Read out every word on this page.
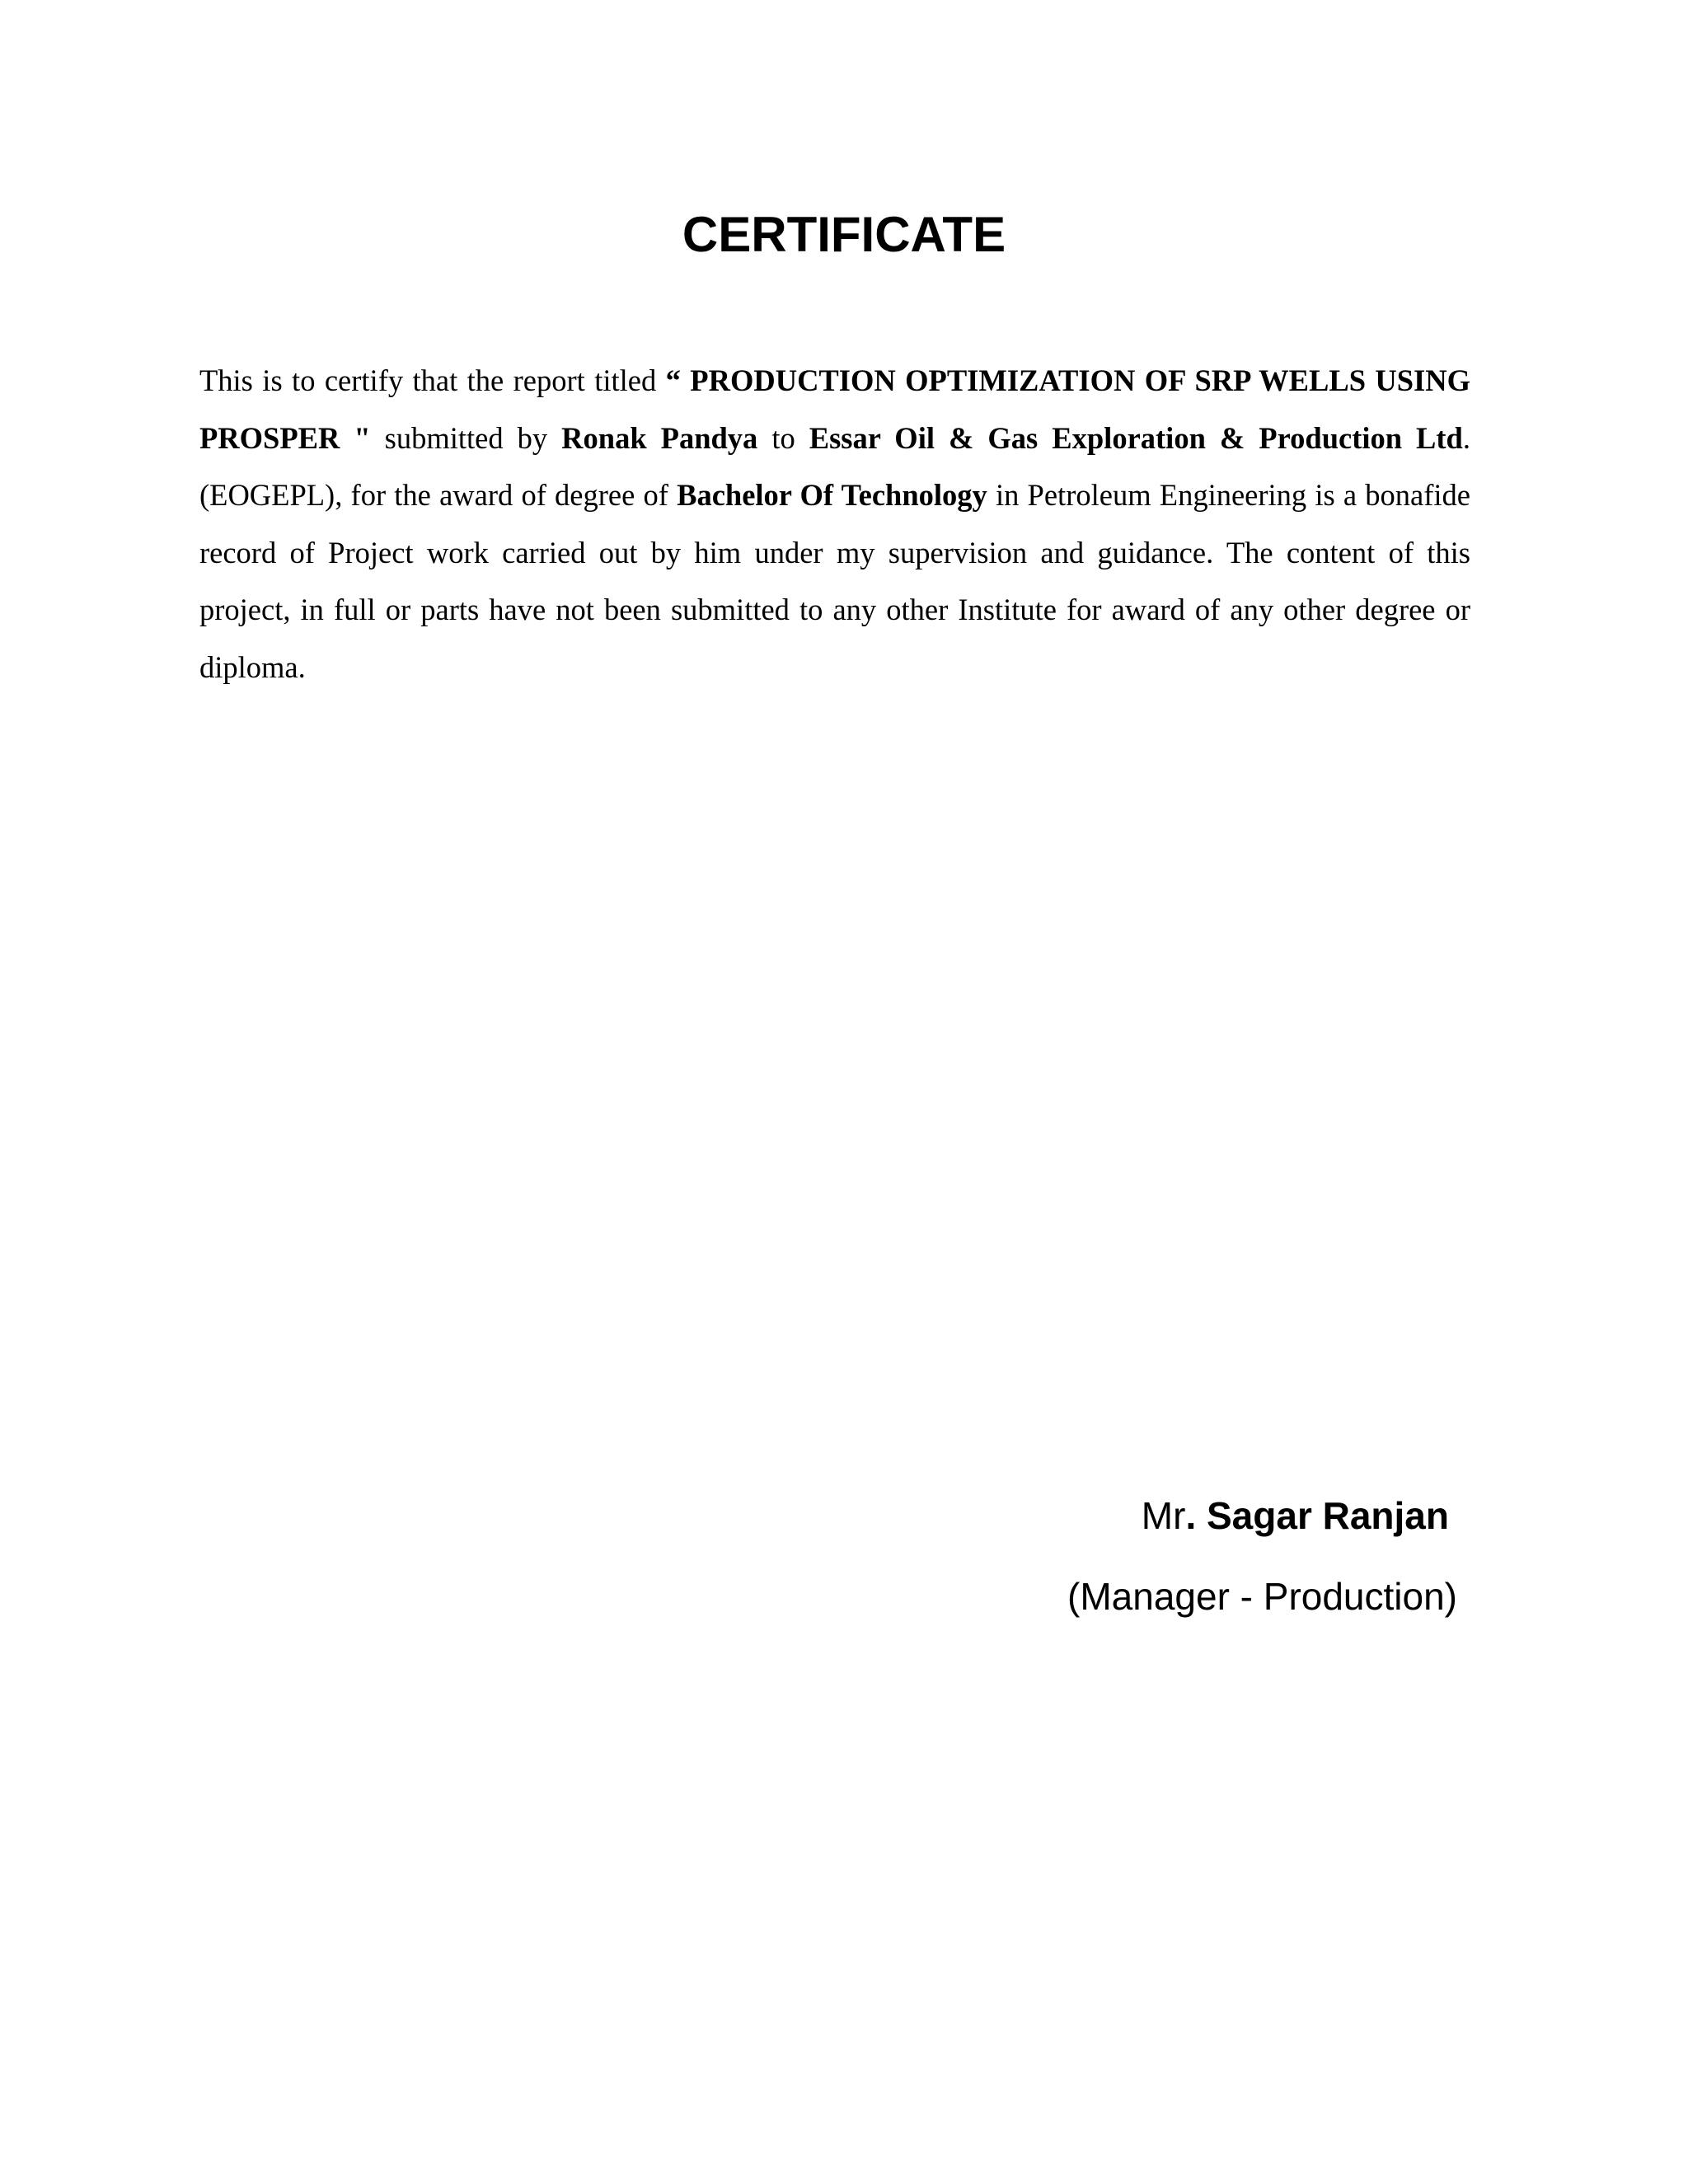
CERTIFICATE

This is to certify that the report titled “ PRODUCTION OPTIMIZATION OF SRP WELLS USING PROSPER " submitted by Ronak Pandya to Essar Oil & Gas Exploration & Production Ltd.(EOGEPL), for the award of degree of Bachelor Of Technology in Petroleum Engineering is a bonafide record of Project work carried out by him under my supervision and guidance. The content of this project, in full or parts have not been submitted to any other Institute for award of any other degree or diploma.

Mr. Sagar Ranjan

(Manager - Production)
